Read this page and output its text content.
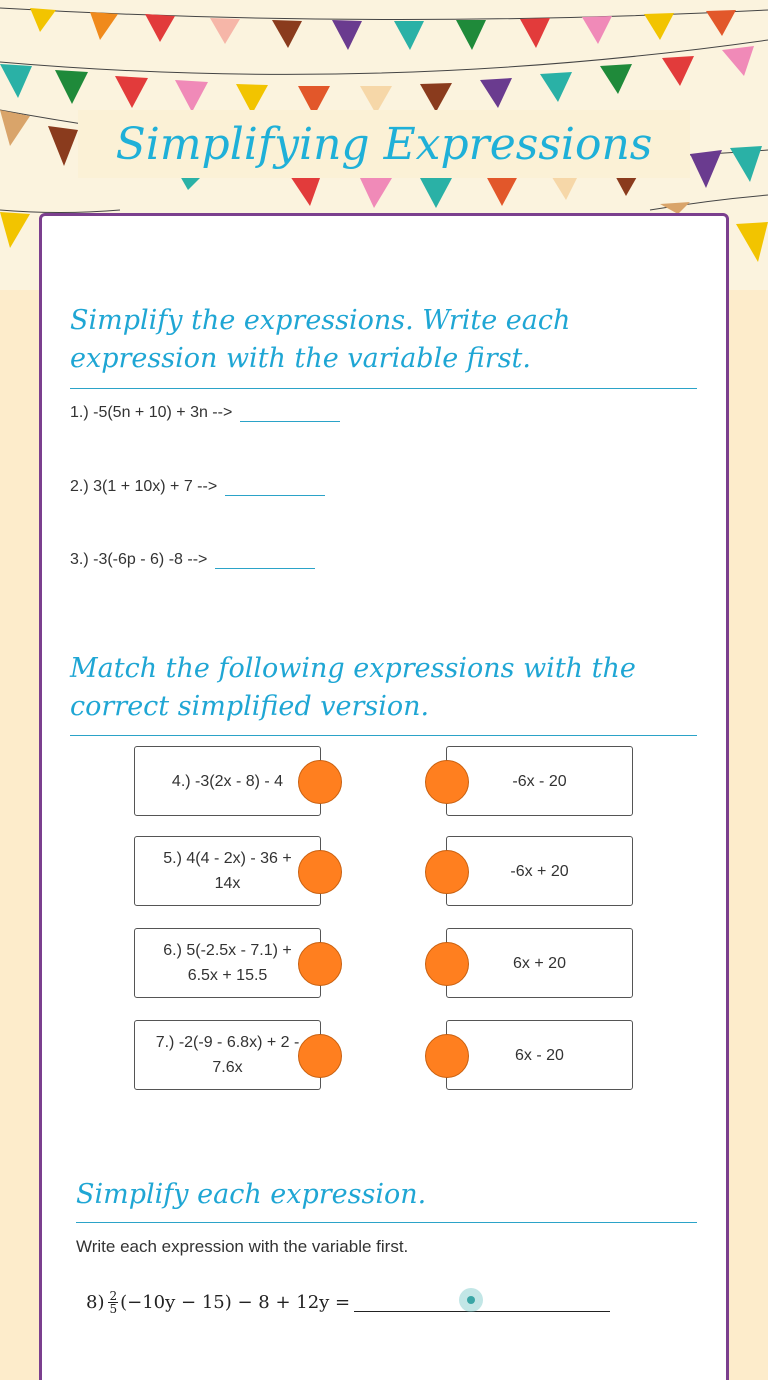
Simplifying Expressions
Simplify the expressions. Write each expression with the variable first.
1.) -5(5n + 10) + 3n -->
2.) 3(1 + 10x) + 7 -->
3.) -3(-6p - 6) -8 -->
Match the following expressions with the correct simplified version.
4.) -3(2x - 8) - 4
5.) 4(4 - 2x) - 36 + 14x
6.) 5(-2.5x - 7.1) + 6.5x + 15.5
7.) -2(-9 - 6.8x) + 2 - 7.6x
-6x - 20
-6x + 20
6x + 20
6x - 20
Simplify each expression.
Write each expression with the variable first.
$8) \frac{2}{5} (-10y - 15) - 8 + 12y$ =
